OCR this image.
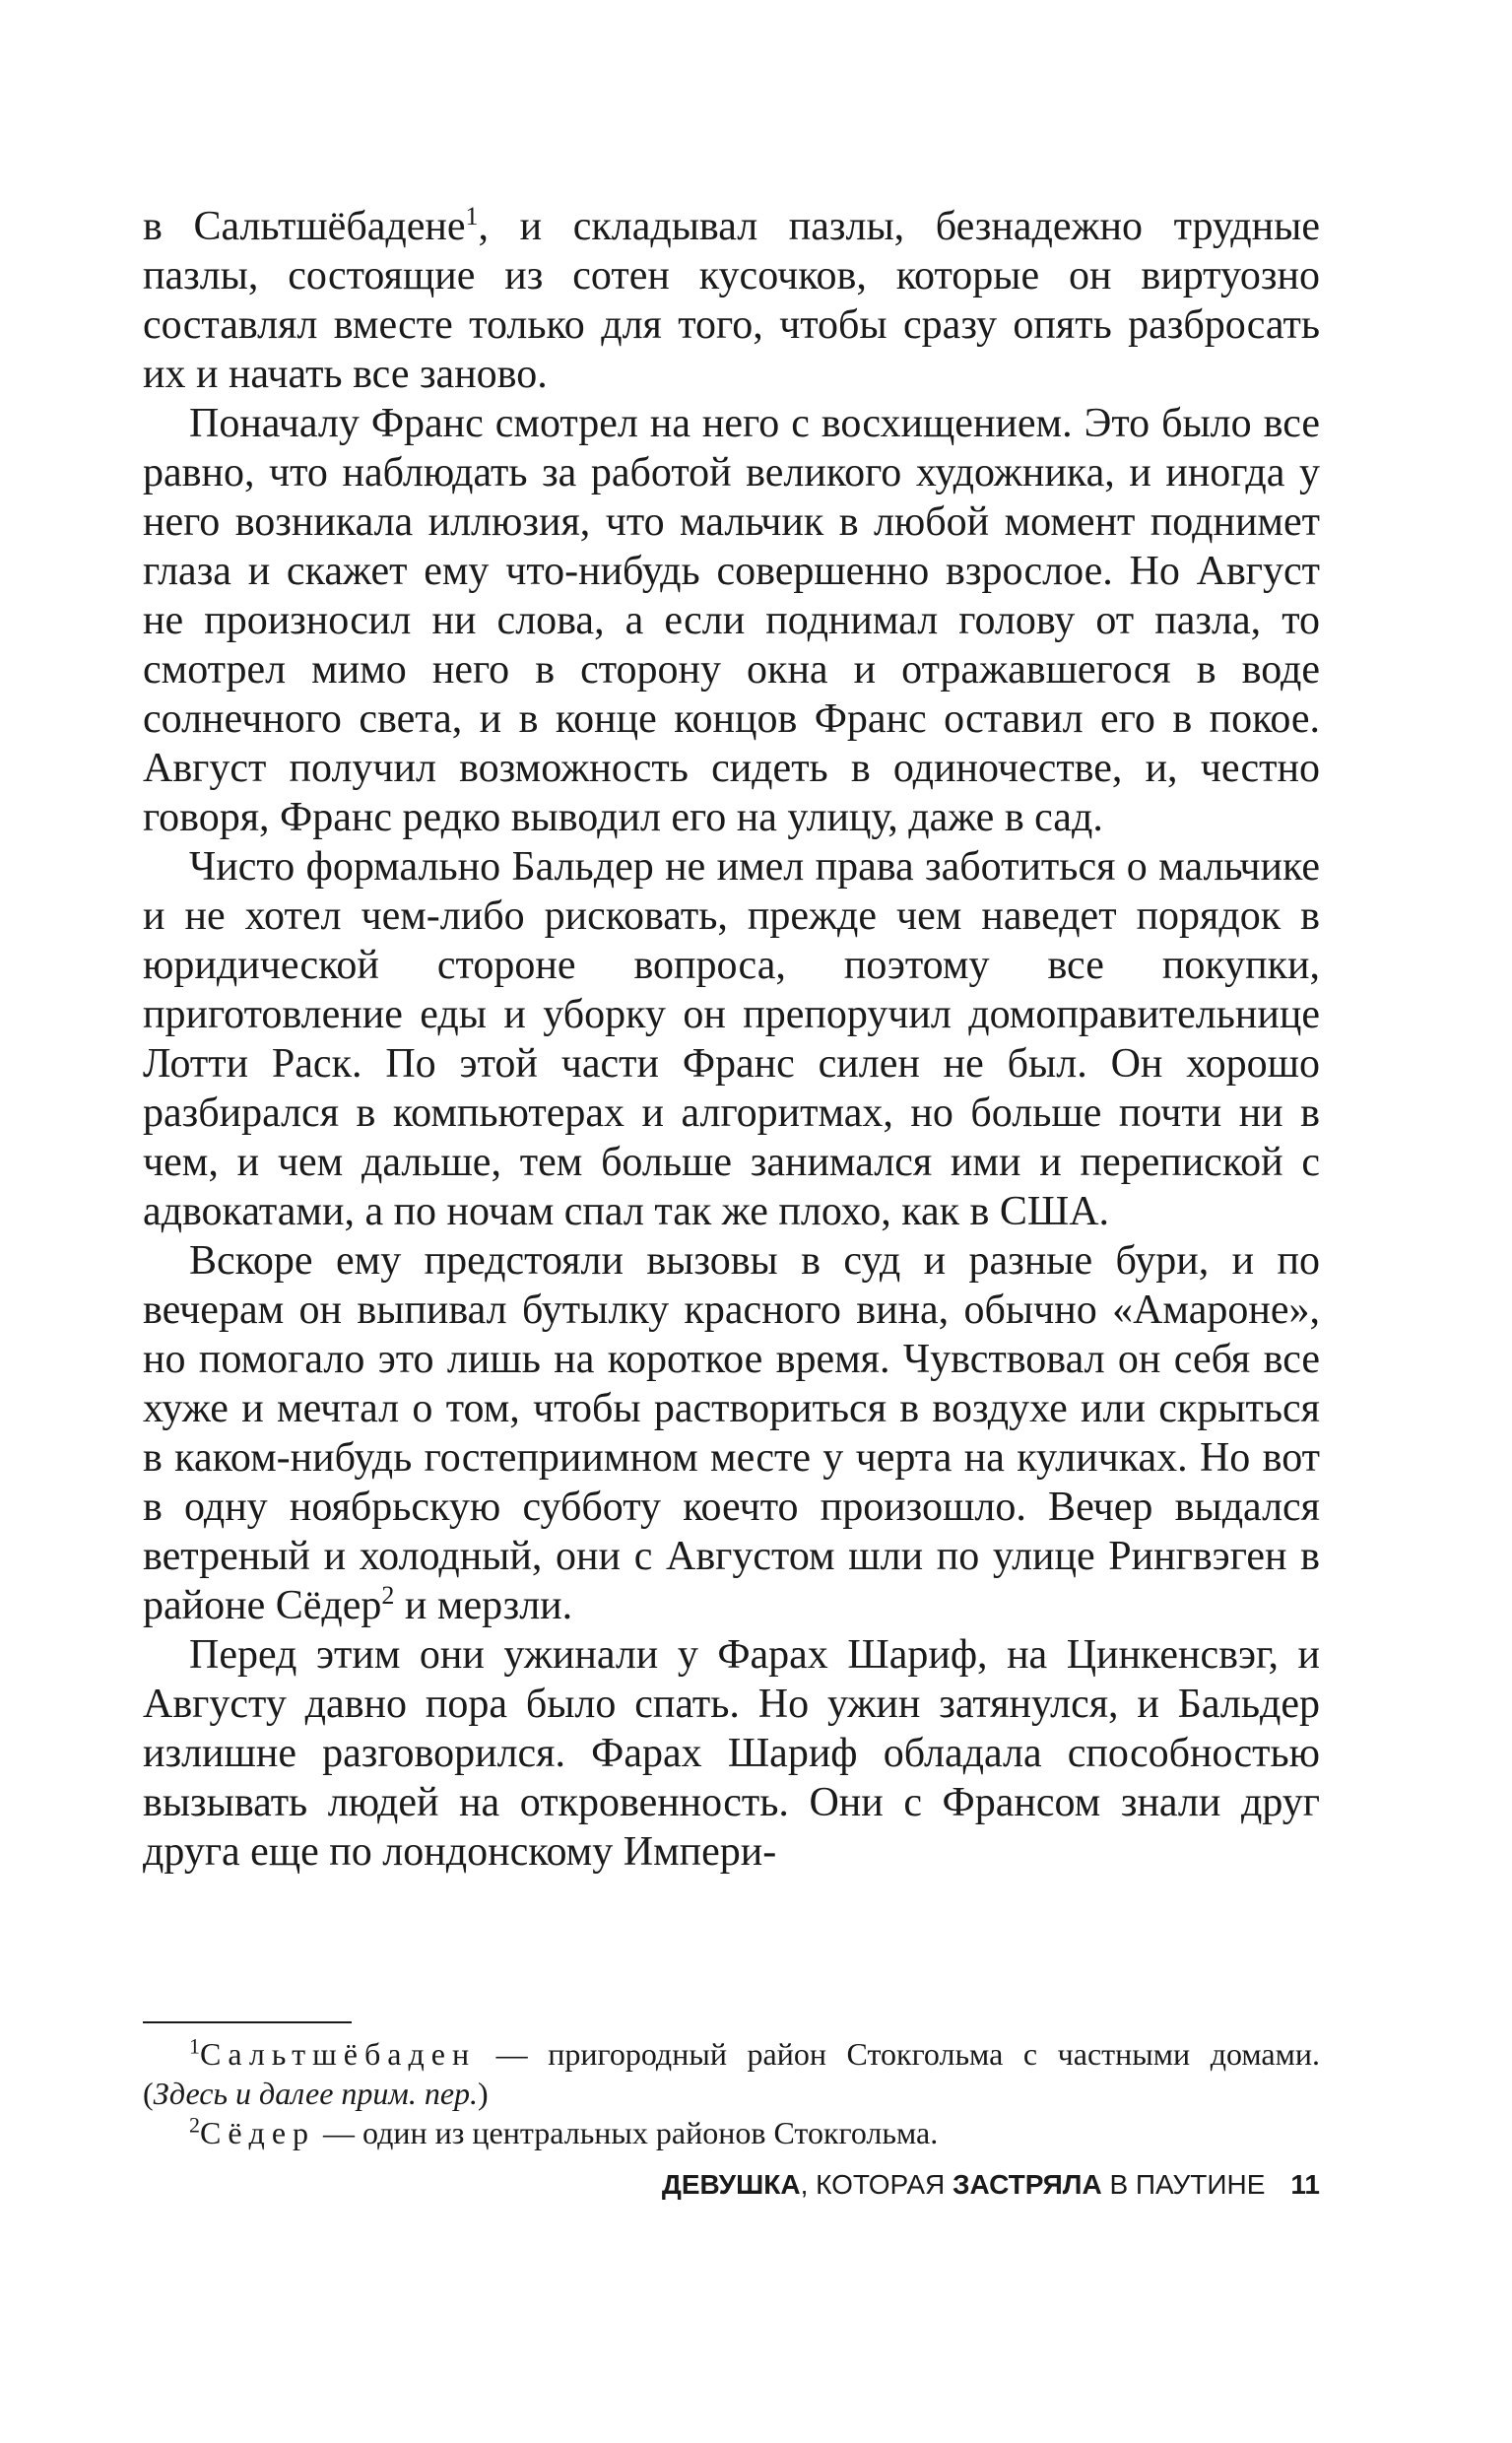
в Сальтшёбадене$^1$, и складывал пазлы, безнадежно трудные пазлы, состоящие из сотен кусочков, которые он виртуозно составлял вместе только для того, чтобы сразу опять разбросать их и начать все заново.

Поначалу Франс смотрел на него с восхищением. Это было все равно, что наблюдать за работой великого художника, и иногда у него возникала иллюзия, что мальчик в любой момент поднимет глаза и скажет ему что-нибудь совершенно взрослое. Но Август не произносил ни слова, а если поднимал голову от пазла, то смотрел мимо него в сторону окна и отражавшегося в воде солнечного света, и в конце концов Франс оставил его в покое. Август получил возможность сидеть в одиночестве, и, честно говоря, Франс редко выводил его на улицу, даже в сад.

Чисто формально Бальдер не имел права заботиться о мальчике и не хотел чем-либо рисковать, прежде чем наведет порядок в юридической стороне вопроса, поэтому все покупки, приготовление еды и уборку он препоручил домоправительнице Лотти Раск. По этой части Франс силен не был. Он хорошо разбирался в компьютерах и алгоритмах, но больше почти ни в чем, и чем дальше, тем больше занимался ими и перепиской с адвокатами, а по ночам спал так же плохо, как в США.

Вскоре ему предстояли вызовы в суд и разные бури, и по вечерам он выпивал бутылку красного вина, обычно «Амароне», но помогало это лишь на короткое время. Чувствовал он себя все хуже и мечтал о том, чтобы раствориться в воздухе или скрыться в каком-нибудь гостеприимном месте у черта на куличках. Но вот в одну ноябрьскую субботу коечто произошло. Вечер выдался ветреный и холодный, они с Августом шли по улице Рингвэген в районе Сёдер$^2$ и мерзли.

Перед этим они ужинали у Фарах Шариф, на Цинкенсвэг, и Августу давно пора было спать. Но ужин затянулся, и Бальдер излишне разговорился. Фарах Шариф обладала способностью вызывать людей на откровенность. Они с Франсом знали друг друга еще по лондонскому Импери-

$^1$Сальтшёбаден — пригородный район Стокгольма с частными домами. (Здесь и далее прим. пер.)

$^2$Сёдер — один из центральных районов Стокгольма.

ДЕВУШКА, КОТОРАЯ ЗАСТРЯЛА В ПАУТИНЕ 11
